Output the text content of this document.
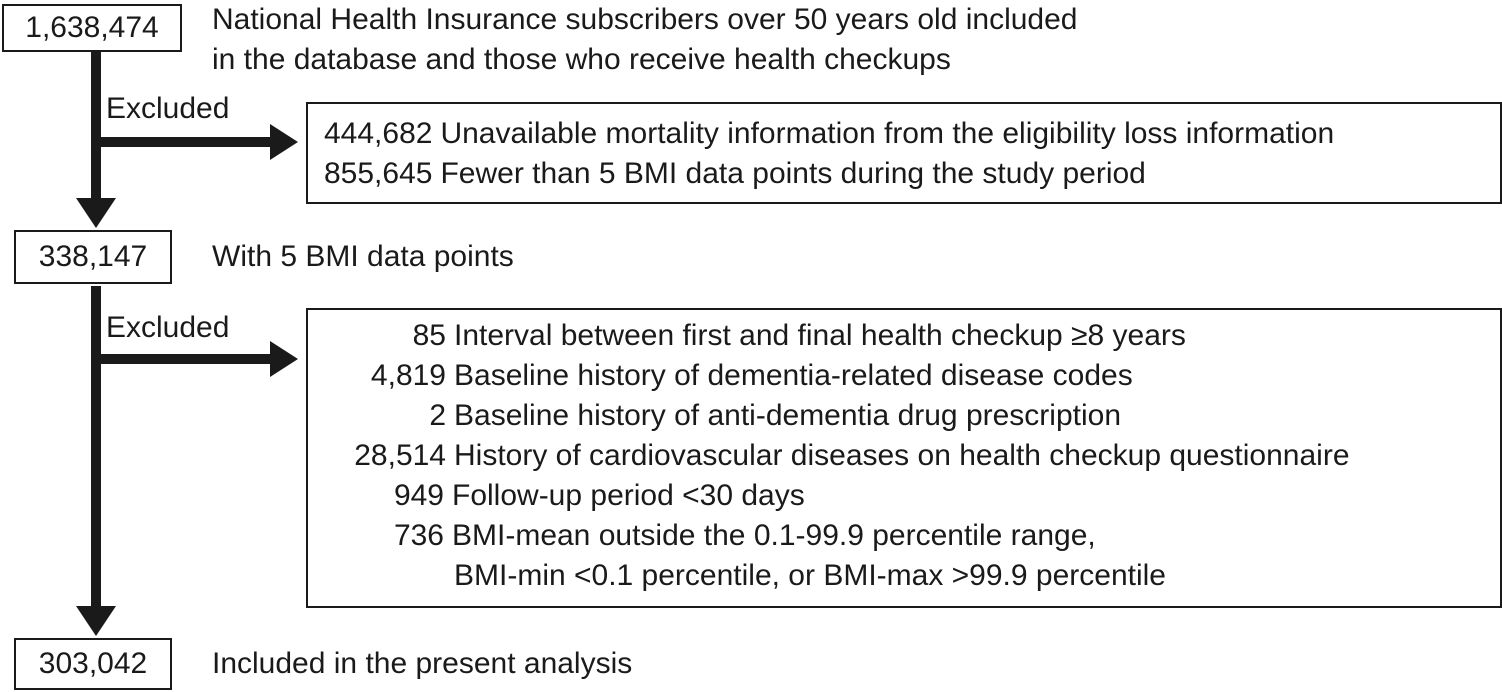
1,638,474 National Health Insurance subscribers over 50 years old included
in the database and those who receive health checkups
Excluded
444,682 Unavailable mortality information from the eligibility loss information
855,645 Fewer than 5 BMI data points during the study period
338,147 With 5 BMI data points
Excluded	85 Interval between first and final health checkup ≥8 years
4,819 Baseline history of dementia-related disease codes
2 Baseline history of anti-dementia drug prescription
28,514 History of cardiovascular diseases on health checkup questionnaire
949 Follow-up period <30 days
736 BMI-mean outside the 0.1-99.9 percentile range,
BMI-min <0.1 percentile, or BMI-max >99.9 percentile
303,042 Included in the present analysis
